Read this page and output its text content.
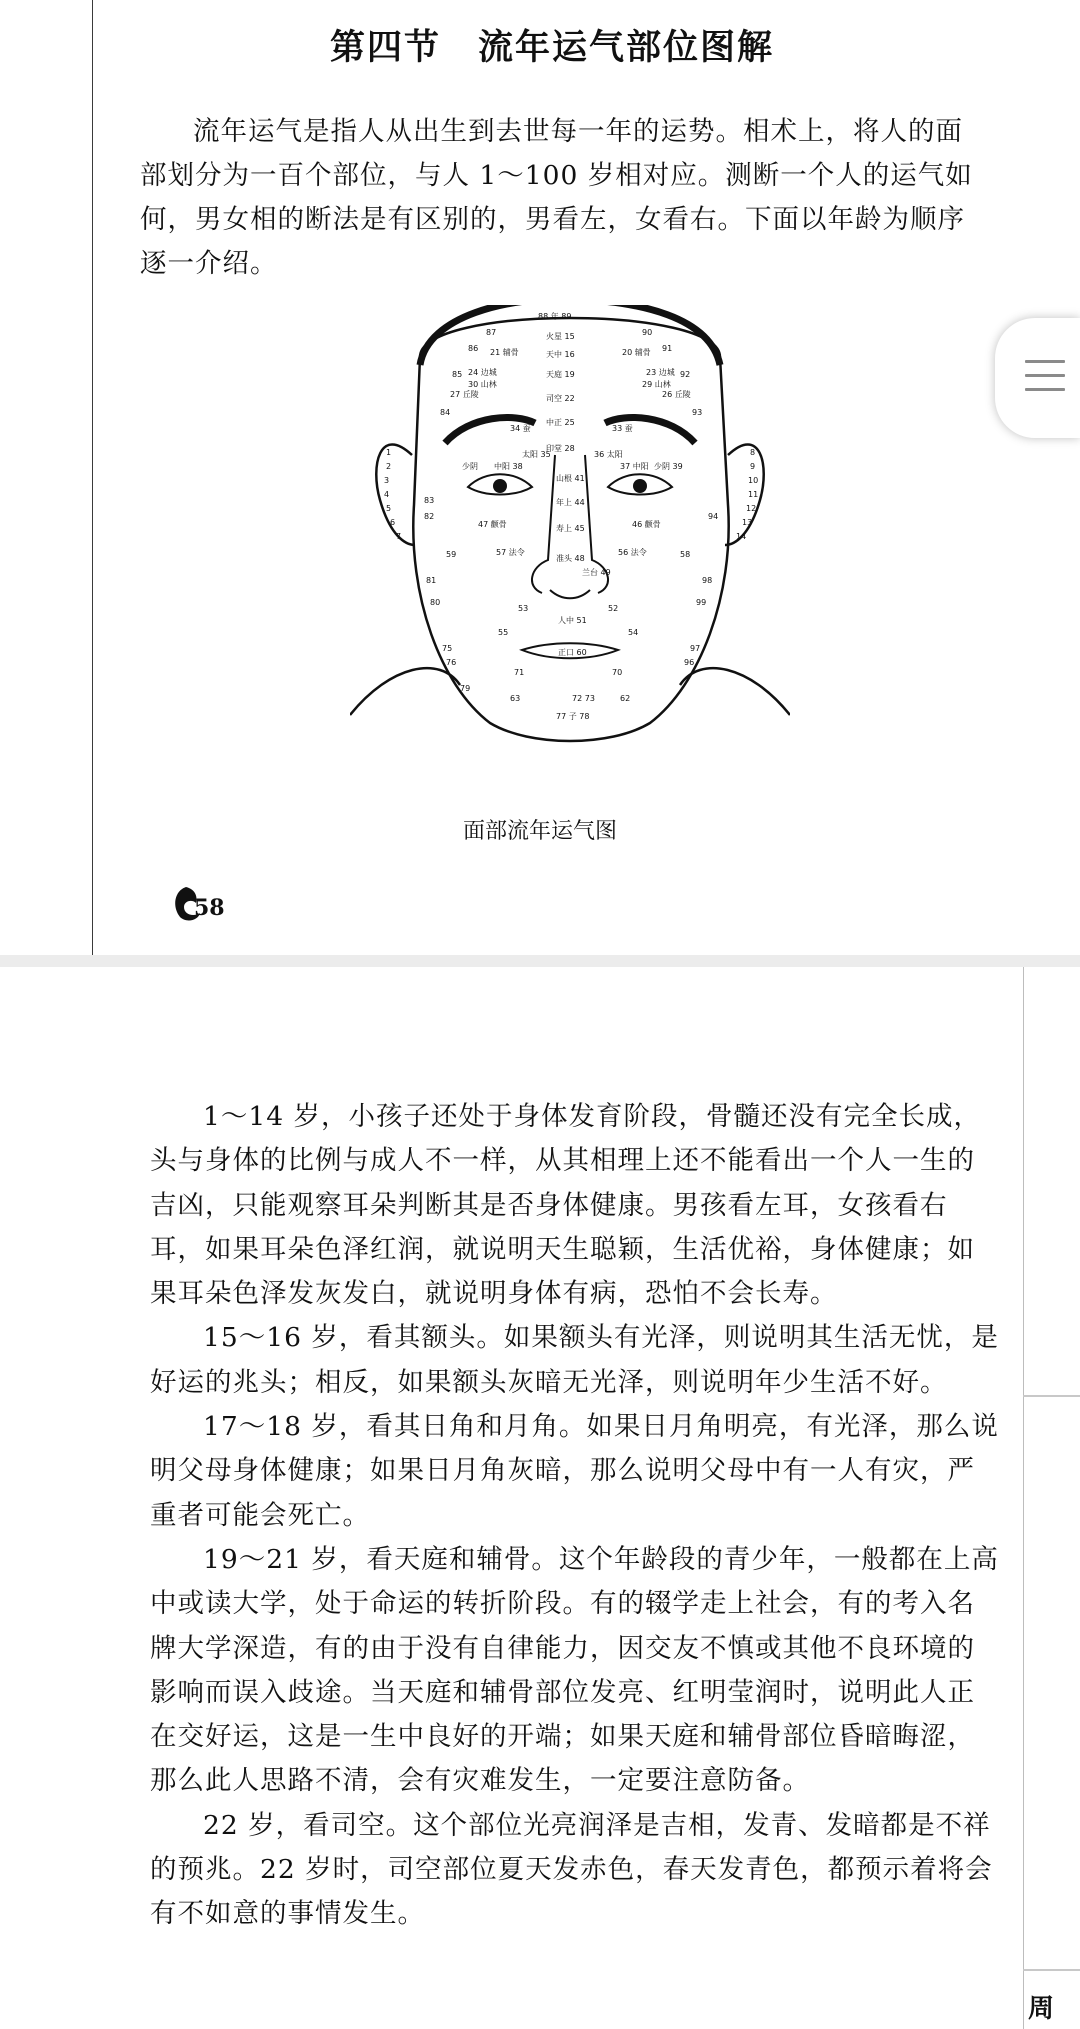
第四节　流年运气部位图解

流年运气是指人从出生到去世每一年的运势。相术上，将人的面部划分为一百个部位，与人 1～100 岁相对应。测断一个人的运气如何，男女相的断法是有区别的，男看左，女看右。下面以年龄为顺序逐一介绍。

88 年 89
火星 15
天中 16
天庭 19
司空 22
中正 25
印堂 28
87
86
85
84
90
91
92
93
21 辅骨
24 边城
27 丘陵
30 山林
20 辅骨
23 边城
26 丘陵
29 山林
34 蚕	33 蚕
少阴 中阳 38
太阳 35	36 太阳
37 中阳 少阴 39
山根 41
年上 44
寿上 45
准头 48
兰台 49
47 颧骨	46 颧骨
57 法令	56 法令
59	58
人中 51
53	52
55	54
正口 60
71	70
63	62
72 73
77 子 78
1
2
3
4
5
6
7
8
9
10
11
12
13
14
83
82
81
80
75
76
79
98
99
97
96
94
面部流年运气图
58
周

1～14 岁，小孩子还处于身体发育阶段，骨髓还没有完全长成，头与身体的比例与成人不一样，从其相理上还不能看出一个人一生的吉凶，只能观察耳朵判断其是否身体健康。男孩看左耳，女孩看右耳，如果耳朵色泽红润，就说明天生聪颖，生活优裕，身体健康；如果耳朵色泽发灰发白，就说明身体有病，恐怕不会长寿。

15～16 岁，看其额头。如果额头有光泽，则说明其生活无忧，是好运的兆头；相反，如果额头灰暗无光泽，则说明年少生活不好。

17～18 岁，看其日角和月角。如果日月角明亮，有光泽，那么说明父母身体健康；如果日月角灰暗，那么说明父母中有一人有灾，严重者可能会死亡。

19～21 岁，看天庭和辅骨。这个年龄段的青少年，一般都在上高中或读大学，处于命运的转折阶段。有的辍学走上社会，有的考入名牌大学深造，有的由于没有自律能力，因交友不慎或其他不良环境的影响而误入歧途。当天庭和辅骨部位发亮、红明莹润时，说明此人正在交好运，这是一生中良好的开端；如果天庭和辅骨部位昏暗晦涩，那么此人思路不清，会有灾难发生，一定要注意防备。

22 岁，看司空。这个部位光亮润泽是吉相，发青、发暗都是不祥的预兆。22 岁时，司空部位夏天发赤色，春天发青色，都预示着将会有不如意的事情发生。
